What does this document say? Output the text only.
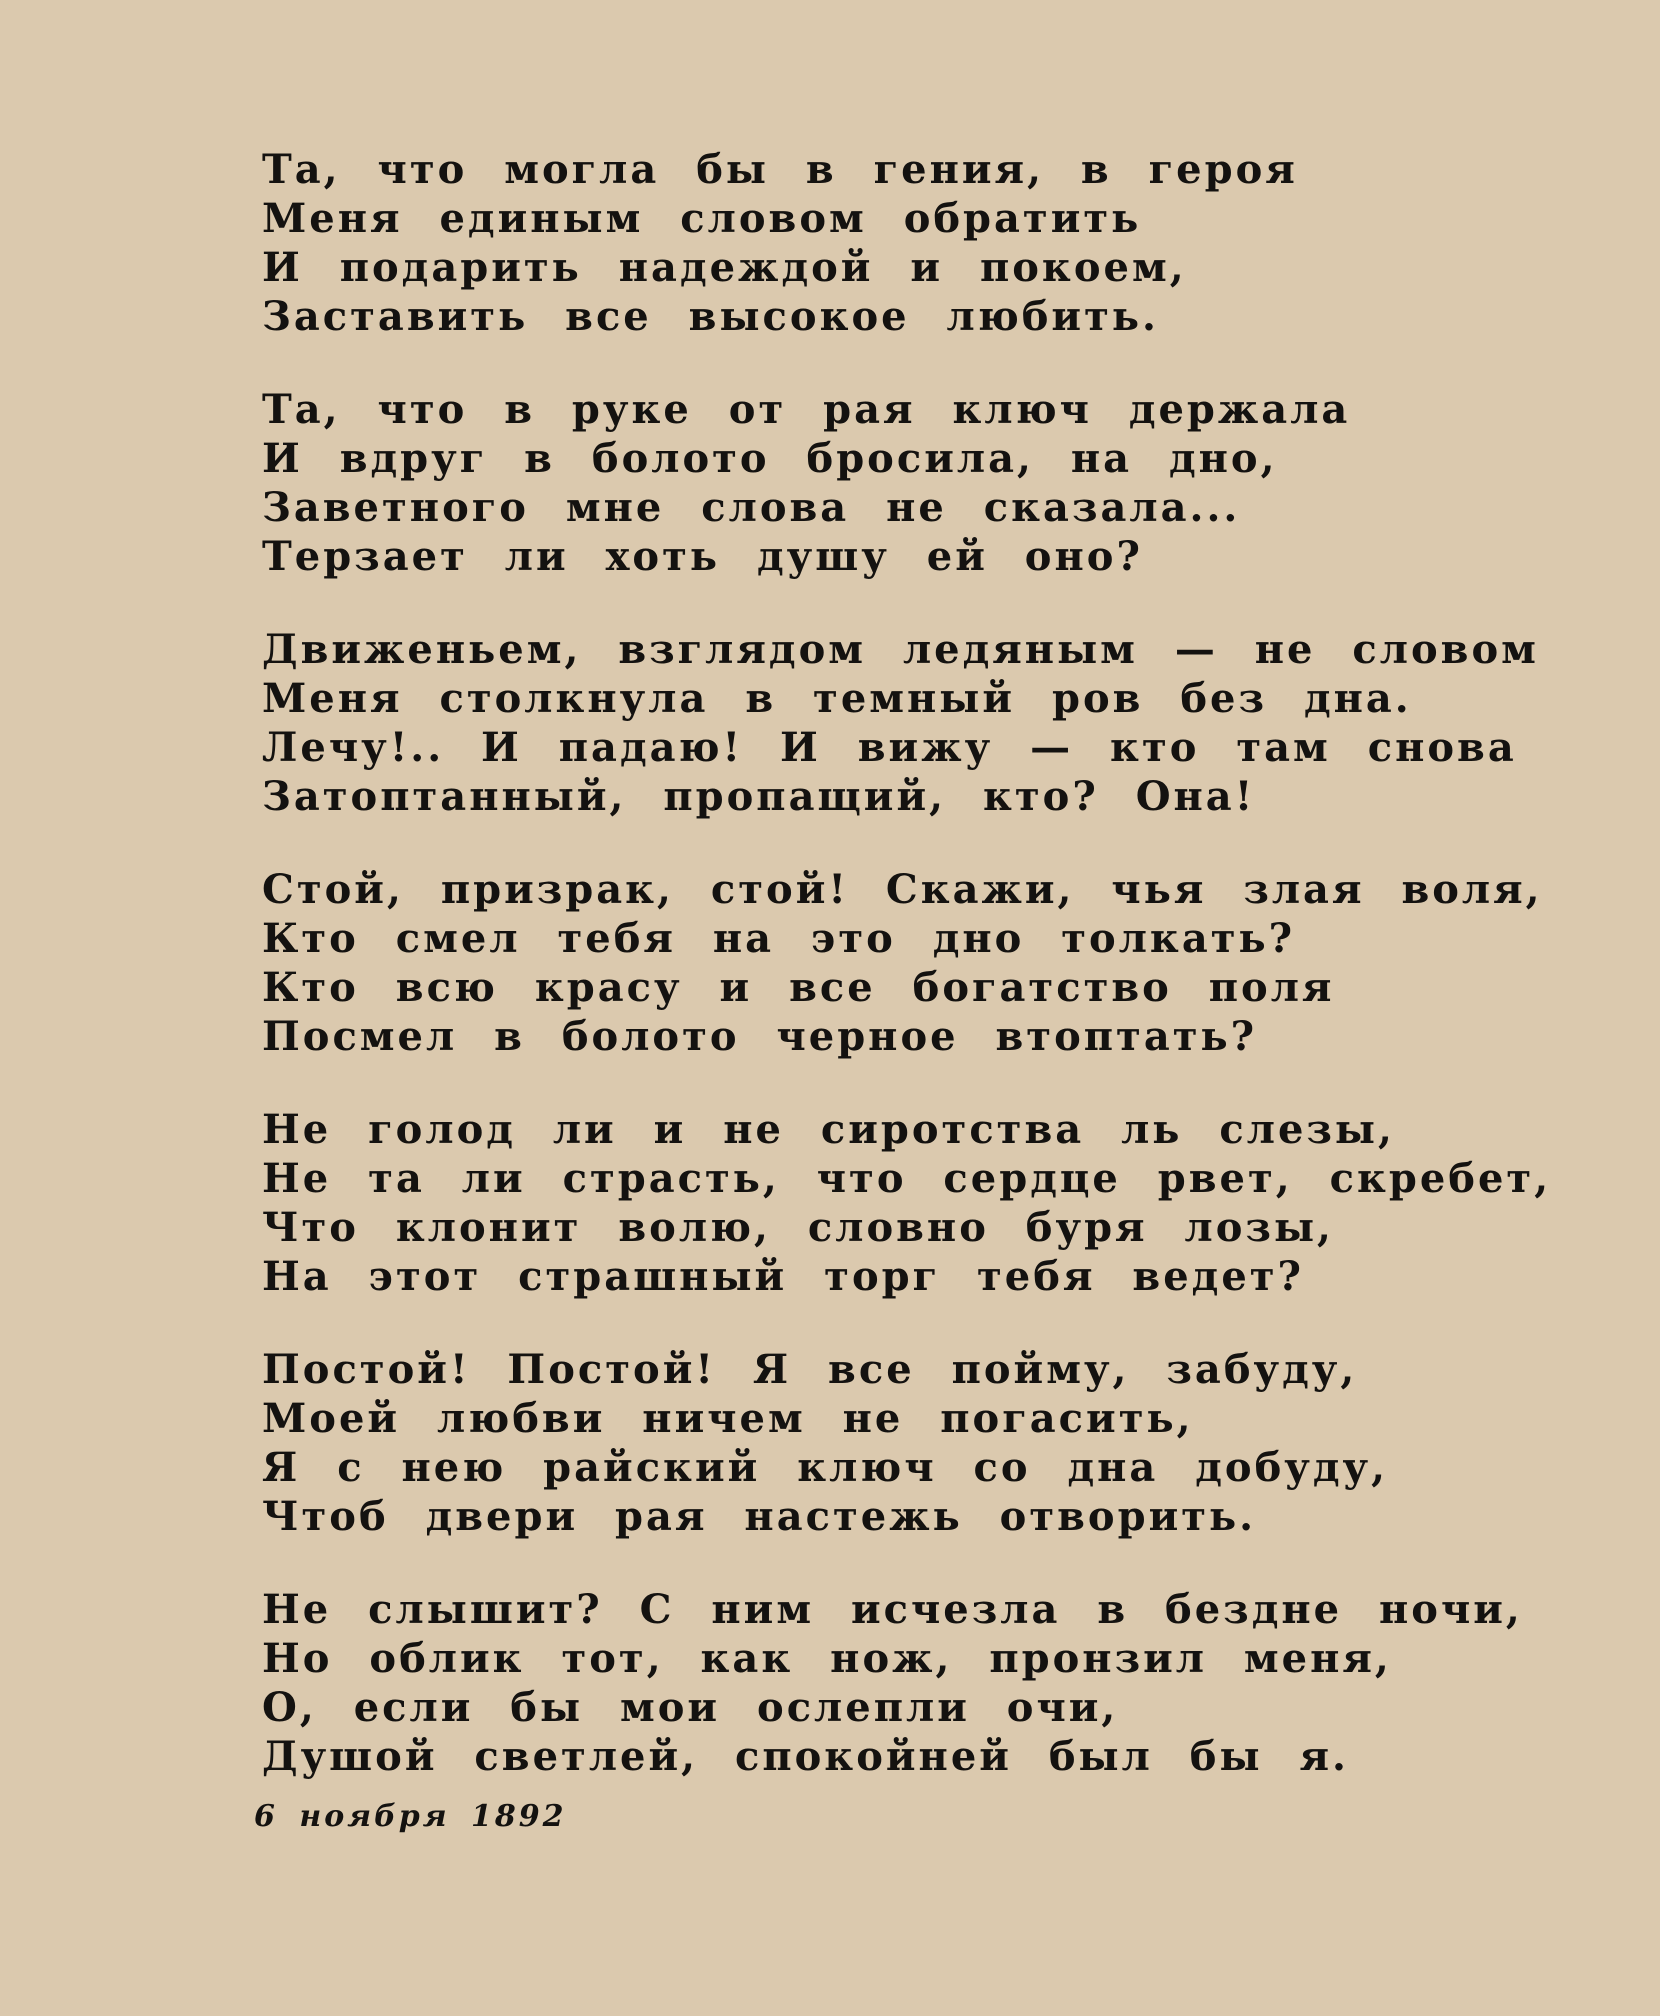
Та, что могла бы в гения, в героя
Меня единым словом обратить
И подарить надеждой и покоем,
Заставить все высокое любить.
Та, что в руке от рая ключ держала
И вдруг в болото бросила, на дно,
Заветного мне слова не сказала...
Терзает ли хоть душу ей оно?
Движеньем, взглядом ледяным — не словом
Меня столкнула в темный ров без дна.
Лечу!.. И падаю! И вижу — кто там снова
Затоптанный, пропащий, кто? Она!
Стой, призрак, стой! Скажи, чья злая воля,
Кто смел тебя на это дно толкать?
Кто всю красу и все богатство поля
Посмел в болото черное втоптать?
Не голод ли и не сиротства ль слезы,
Не та ли страсть, что сердце рвет, скребет,
Что клонит волю, словно буря лозы,
На этот страшный торг тебя ведет?
Постой! Постой! Я все пойму, забуду,
Моей любви ничем не погасить,
Я с нею райский ключ со дна добуду,
Чтоб двери рая настежь отворить.
Не слышит? С ним исчезла в бездне ночи,
Но облик тот, как нож, пронзил меня,
О, если бы мои ослепли очи,
Душой светлей, спокойней был бы я.
6 ноября 1892
